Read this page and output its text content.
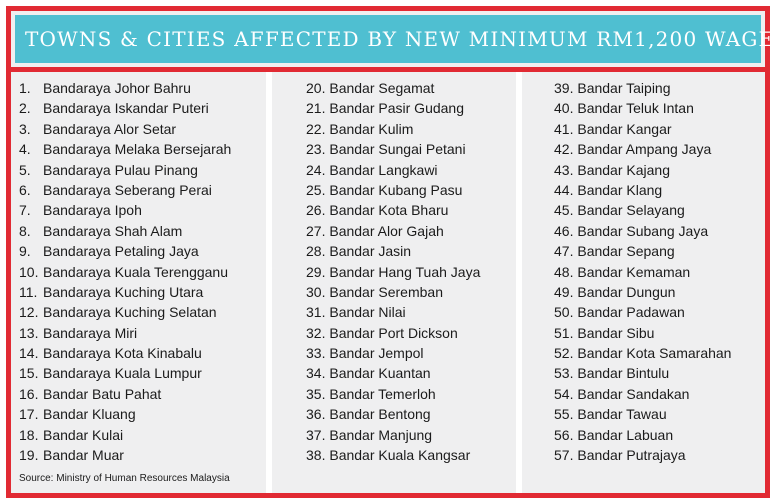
TOWNS & CITIES AFFECTED BY NEW MINIMUM RM1,200 WAGE
1. Bandaraya Johor Bahru
2. Bandaraya Iskandar Puteri
3. Bandaraya Alor Setar
4. Bandaraya Melaka Bersejarah
5. Bandaraya Pulau Pinang
6. Bandaraya Seberang Perai
7. Bandaraya Ipoh
8. Bandaraya Shah Alam
9. Bandaraya Petaling Jaya
10. Bandaraya Kuala Terengganu
11. Bandaraya Kuching Utara
12. Bandaraya Kuching Selatan
13. Bandaraya Miri
14. Bandaraya Kota Kinabalu
15. Bandaraya Kuala Lumpur
16. Bandar Batu Pahat
17. Bandar Kluang
18. Bandar Kulai
19. Bandar Muar
20.
Bandar Segamat
21.
Bandar Pasir Gudang
22.
Bandar Kulim
23.
Bandar Sungai Petani
24.
Bandar Langkawi
25.
Bandar Kubang Pasu
26.
Bandar Kota Bharu
27.
Bandar Alor Gajah
28.
Bandar Jasin
29.
Bandar Hang Tuah Jaya
30.
Bandar Seremban
31.
Bandar Nilai
32.
Bandar Port Dickson
33.
Bandar Jempol
34.
Bandar Kuantan
35.
Bandar Temerloh
36.
Bandar Bentong
37.
Bandar Manjung
38.
Bandar Kuala Kangsar
39.
Bandar Taiping
40.
Bandar Teluk Intan
41.
Bandar Kangar
42.
Bandar Ampang Jaya
43.
Bandar Kajang
44.
Bandar Klang
45.
Bandar Selayang
46.
Bandar Subang Jaya
47.
Bandar Sepang
48.
Bandar Kemaman
49.
Bandar Dungun
50.
Bandar Padawan
51.
Bandar Sibu
52.
Bandar Kota Samarahan
53.
Bandar Bintulu
54.
Bandar Sandakan
55.
Bandar Tawau
56.
Bandar Labuan
57.
Bandar Putrajaya
Source: Ministry of Human Resources Malaysia
